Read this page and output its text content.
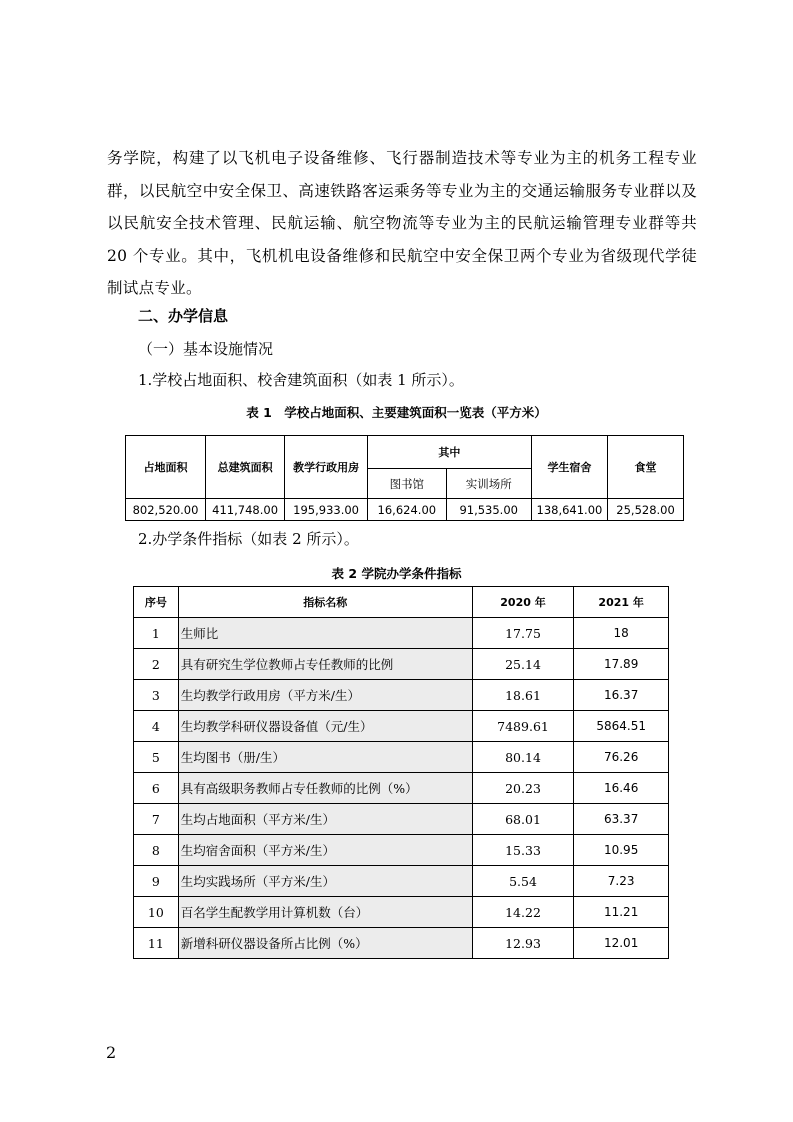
务学院，构建了以飞机电子设备维修、飞行器制造技术等专业为主的机务工程专业群，以民航空中安全保卫、高速铁路客运乘务等专业为主的交通运输服务专业群以及以民航安全技术管理、民航运输、航空物流等专业为主的民航运输管理专业群等共 20 个专业。其中，飞机机电设备维修和民航空中安全保卫两个专业为省级现代学徒制试点专业。

二、办学信息
（一）基本设施情况
1.学校占地面积、校舍建筑面积（如表 1 所示）。
表 1　学校占地面积、主要建筑面积一览表（平方米）
占地面积	总建筑面积	教学行政用房	其中		学生宿舍	食堂
			图书馆	实训场所		
802,520.00	411,748.00	195,933.00	16,624.00	91,535.00	138,641.00	25,528.00
2.办学条件指标（如表 2 所示）。
表 2 学院办学条件指标
序号	指标名称	2020 年	2021 年
1	生师比	17.75	18
2	具有研究生学位教师占专任教师的比例	25.14	17.89
3	生均教学行政用房（平方米/生）	18.61	16.37
4	生均教学科研仪器设备值（元/生）	7489.61	5864.51
5	生均图书（册/生）	80.14	76.26
6	具有高级职务教师占专任教师的比例（%）	20.23	16.46
7	生均占地面积（平方米/生）	68.01	63.37
8	生均宿舍面积（平方米/生）	15.33	10.95
9	生均实践场所（平方米/生）	5.54	7.23
10	百名学生配教学用计算机数（台）	14.22	11.21
11	新增科研仪器设备所占比例（%）	12.93	12.01
2
